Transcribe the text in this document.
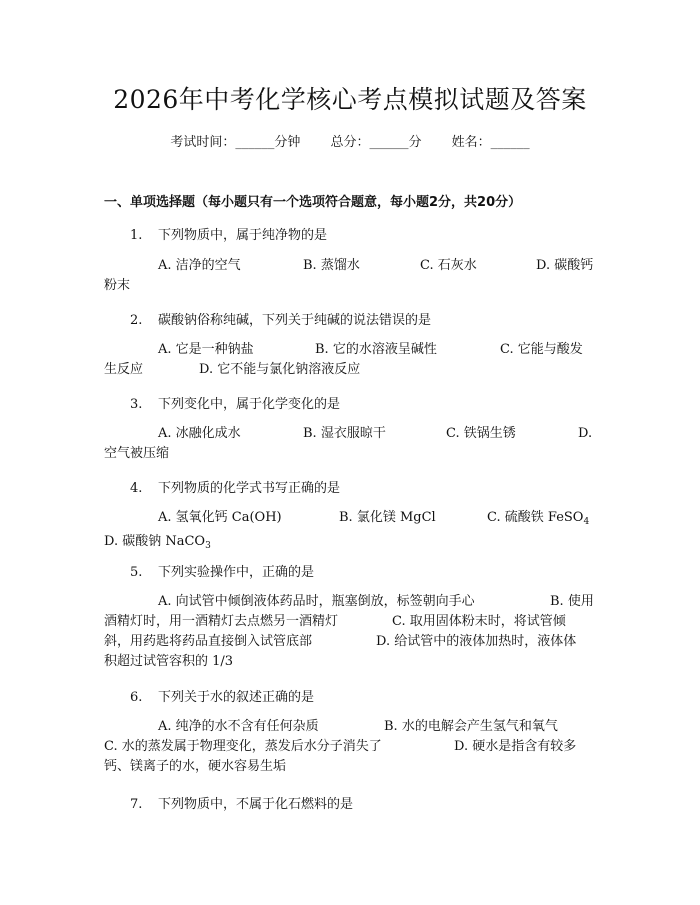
2026年中考化学核心考点模拟试题及答案
考试时间：______分钟 总分：______分 姓名：______
一、单项选择题（每小题只有一个选项符合题意，每小题2分，共20分）
1. 下列物质中，属于纯净物的是
A. 洁净的空气	B. 蒸馏水	C. 石灰水	D. 碳酸钙
粉末
2. 碳酸钠俗称纯碱，下列关于纯碱的说法错误的是
A. 它是一种钠盐	B. 它的水溶液呈碱性	C. 它能与酸发
生反应	D. 它不能与氯化钠溶液反应
3. 下列变化中，属于化学变化的是
A. 冰融化成水	B. 湿衣服晾干	C. 铁锅生锈	D.
空气被压缩
4. 下列物质的化学式书写正确的是
A. 氢氧化钙 Ca(OH)	B. 氯化镁 MgCl	C. 硫酸铁 FeSO$_4$
D. 碳酸钠 NaCO$_3$
5. 下列实验操作中，正确的是
A. 向试管中倾倒液体药品时，瓶塞倒放，标签朝向手心	B. 使用
酒精灯时，用一酒精灯去点燃另一酒精灯	C. 取用固体粉末时，将试管倾
斜，用药匙将药品直接倒入试管底部	D. 给试管中的液体加热时，液体体
积超过试管容积的 1/3
6. 下列关于水的叙述正确的是
A. 纯净的水不含有任何杂质	B. 水的电解会产生氢气和氧气
C. 水的蒸发属于物理变化，蒸发后水分子消失了	D. 硬水是指含有较多
钙、镁离子的水，硬水容易生垢
7. 下列物质中，不属于化石燃料的是
